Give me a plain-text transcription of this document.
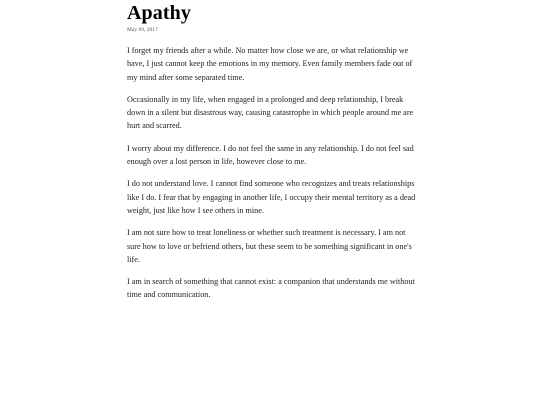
Apathy
May 09, 2017

I forget my friends after a while. No matter how close we are, or what relationship we have, I just cannot keep the emotions in my memory. Even family members fade out of my mind after some separated time.

Occasionally in my life, when engaged in a prolonged and deep relationship, I break down in a silent but disastrous way, causing catastrophe in which people around me are hurt and scarred.

I worry about my difference. I do not feel the same in any relationship. I do not feel sad enough over a lost person in life, however close to me.

I do not understand love. I cannot find someone who recognizes and treats relationships like I do. I fear that by engaging in another life, I occupy their mental territory as a dead weight, just like how I see others in mine.

I am not sure how to treat loneliness or whether such treatment is necessary. I am not sure how to love or befriend others, but these seem to be something significant in one's life.

I am in search of something that cannot exist: a companion that understands me without time and communication.
